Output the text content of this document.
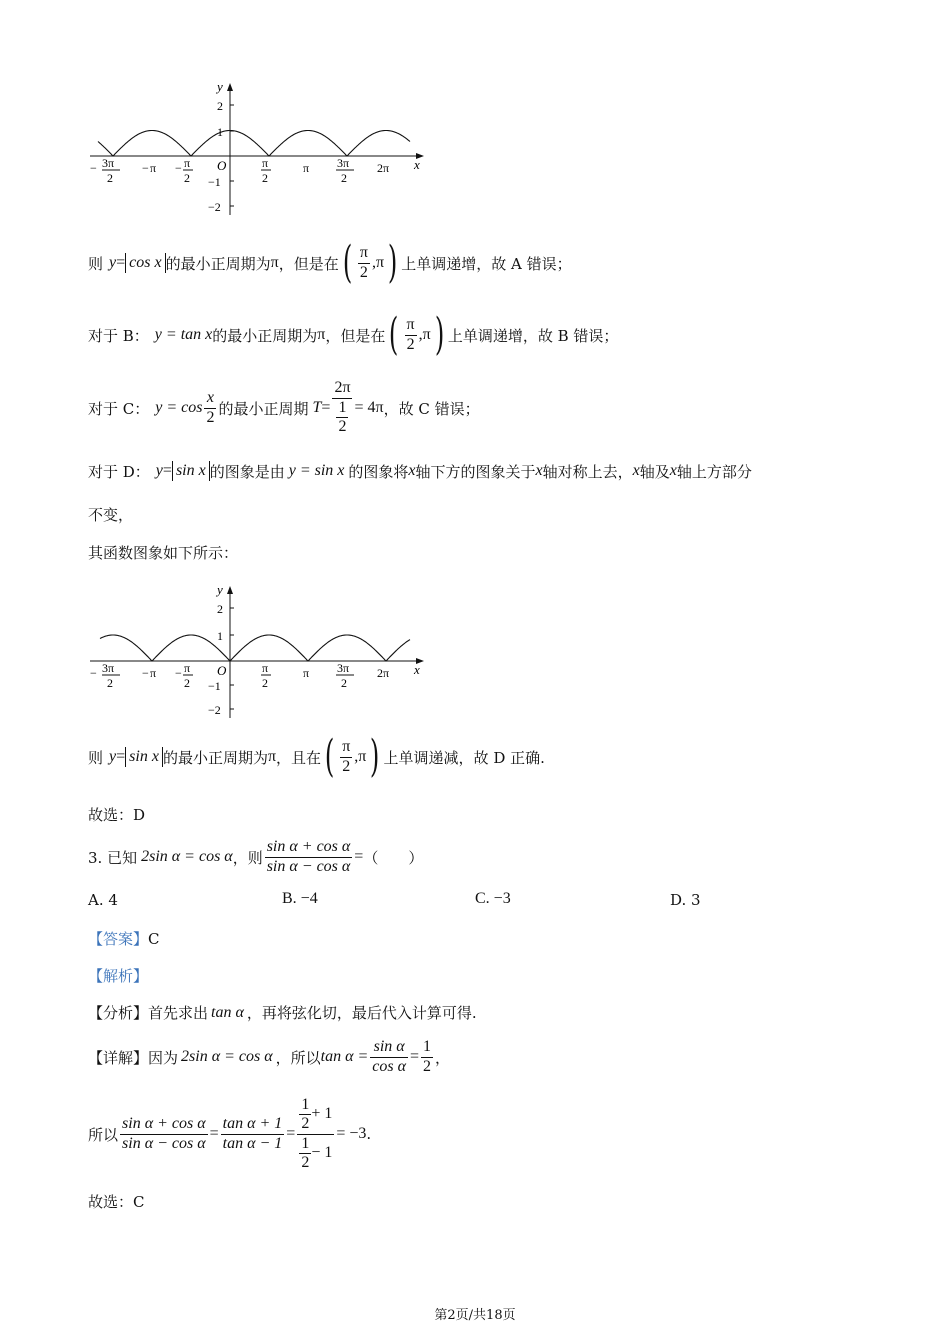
y
x
O
2
1
−1
−2
− 3π
2
− π − π
2
π
2
π 3π
2
2π
则 y = cos x 的最小正周期为 π ，但是在 ( $\frac{\pi}{2} ,\pi$ ) 上单调递增，故 A 错误；
对于 B： y = tan x 的最小正周期为 π ，但是在 ( $\frac{\pi}{2} ,\pi$ ) 上单调递增，故 B 错误；
对于 C： $y = \cos \frac{x}{2}$ 的最小正周期 $T = \frac{2\pi}{\frac{1}{2}} = 4\pi$ ，故 C 错误；
对于 D： y = sin x 的图象是由 y = sin x 的图象将 x 轴下方的图象关于 x 轴对称上去， x 轴及 x 轴上方部分
不变，
其函数图象如下所示：
y
x
O
2
1
−1
−2
− 3π
2
− π − π
2
π
2
π 3π
2
2π
则 y = sin x 的最小正周期为 π ，且在 ( $\frac{\pi}{2} ,\pi$ ) 上单调递减，故 D 正确.
故选：D
3. 已知 2sin α = cos α ，则 $\frac{\text{sin α + cos α}}{\text{sin α − cos α}}$ = （　　）
A. 4	B. −4	C. −3	D. 3
【答案】C
【解析】
【分析】 首先求出 tan α ，再将弦化切，最后代入计算可得.
【详解】 因为 2sin α = cos α ，所以 $\tan \alpha = \frac{\text{sin α}}{\text{cos α}} = \frac{1}{2}$ ，
所以 $\frac{\text{sin α + cos α}}{\text{sin α − cos α}} = \frac{\text{tan α + 1}}{\text{tan α − 1}} = \frac{\frac{1}{2} + 1}{\frac{1}{2} - 1} = -3$ .
故选：C
第2页/共18页
